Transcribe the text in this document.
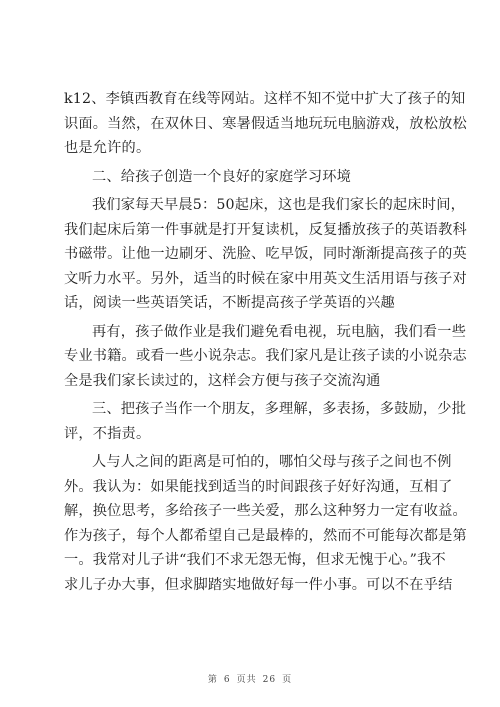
k12、李镇西教育在线等网站。这样不知不觉中扩大了孩子的知
识面。当然，在双休日、寒暑假适当地玩玩电脑游戏，放松放松
也是允许的。
二、给孩子创造一个良好的家庭学习环境
我们家每天早晨5：50起床，这也是我们家长的起床时间，
我们起床后第一件事就是打开复读机，反复播放孩子的英语教科
书磁带。让他一边刷牙、洗脸、吃早饭，同时渐渐提高孩子的英
文听力水平。另外，适当的时候在家中用英文生活用语与孩子对
话，阅读一些英语笑话，不断提高孩子学英语的兴趣
再有，孩子做作业是我们避免看电视，玩电脑，我们看一些
专业书籍。或看一些小说杂志。我们家凡是让孩子读的小说杂志
全是我们家长读过的，这样会方便与孩子交流沟通
三、把孩子当作一个朋友，多理解，多表扬，多鼓励，少批
评，不指责。
人与人之间的距离是可怕的，哪怕父母与孩子之间也不例
外。我认为：如果能找到适当的时间跟孩子好好沟通，互相了
解，换位思考，多给孩子一些关爱，那么这种努力一定有收益。
作为孩子，每个人都希望自己是最棒的，然而不可能每次都是第
一。我常对儿子讲“我们不求无怨无悔，但求无愧于心。”我不
求儿子办大事，但求脚踏实地做好每一件小事。可以不在乎结
第 6 页共 26 页
